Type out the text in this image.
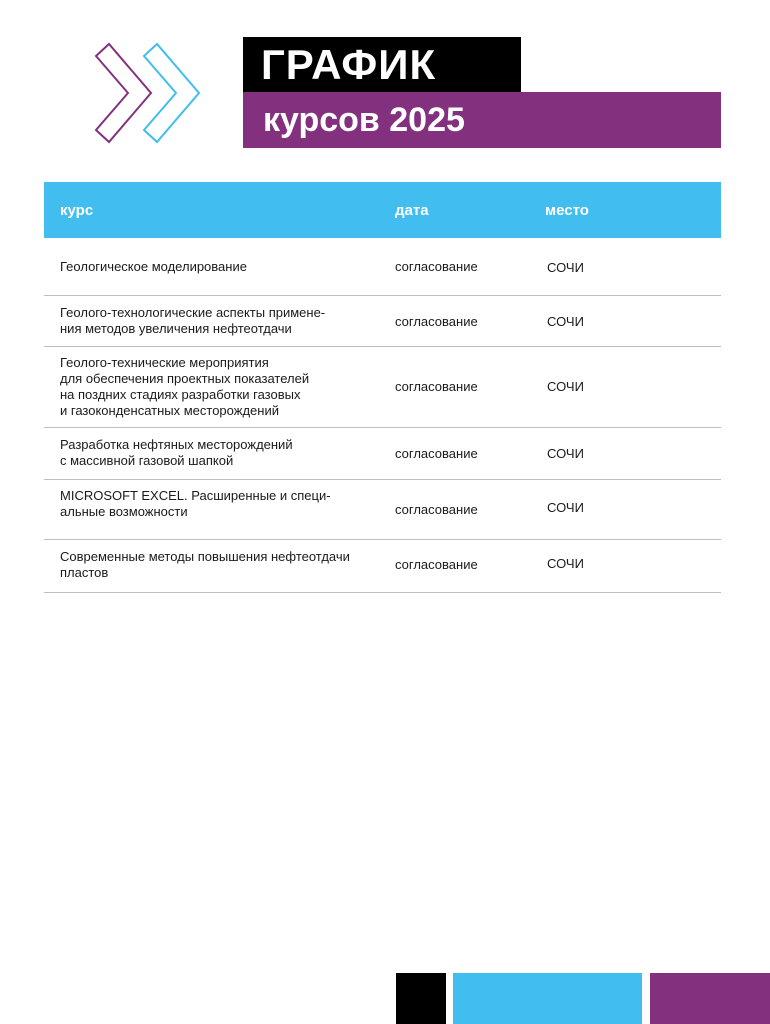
ГРАФИК
курсов 2025
курс	дата	место
Геологическое моделирование	согласование	СОЧИ
Геолого-технологические аспекты примене-
ния методов увеличения нефтеотдачи	согласование	СОЧИ
Геолого-технические мероприятия
для обеспечения проектных показателей
на поздних стадиях разработки газовых
и газоконденсатных месторождений
согласование	СОЧИ
Разработка нефтяных месторождений
с массивной газовой шапкой	согласование	СОЧИ
MICROSOFT EXCEL. Расширенные и специ-
альные возможности	согласование	СОЧИ
Современные методы повышения нефтеотдачи
пластов
согласование	СОЧИ
